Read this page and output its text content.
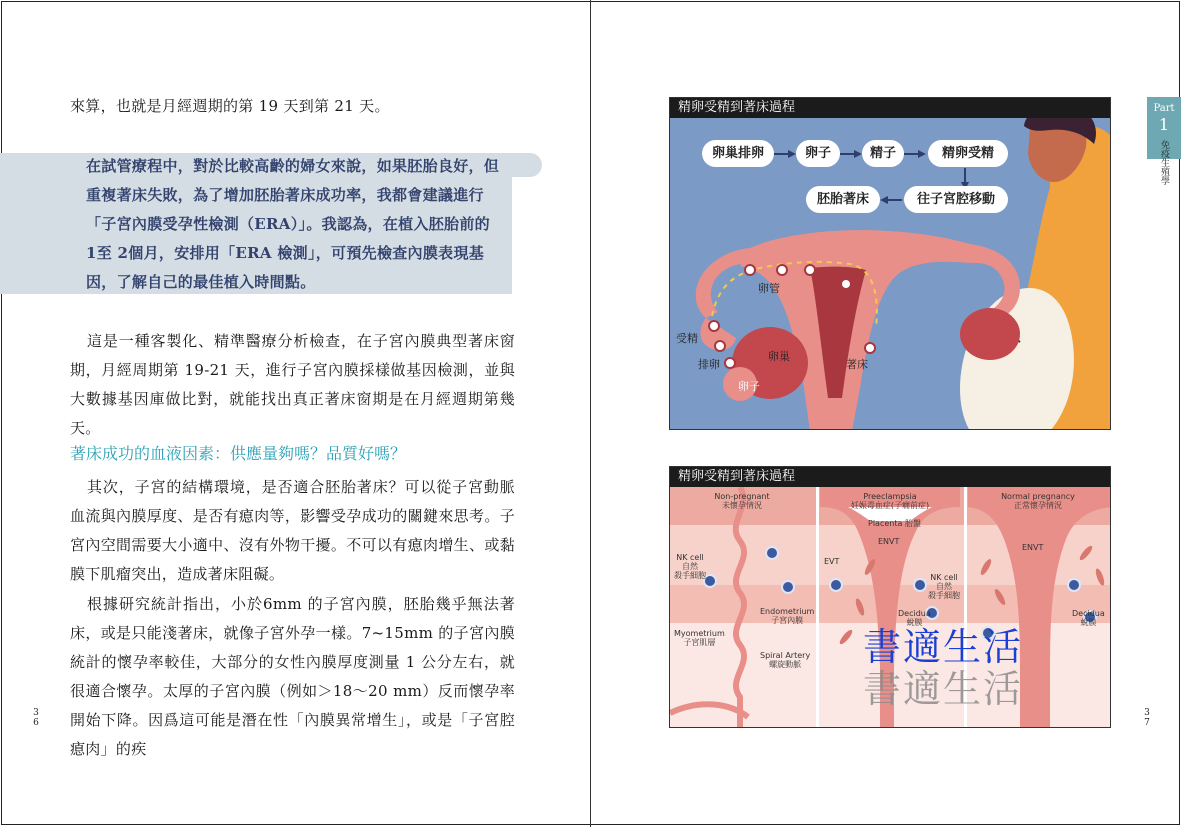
來算，也就是月經週期的第 19 天到第 21 天。
在試管療程中，對於比較高齡的婦女來說，如果胚胎良好，但重複著床失敗，為了增加胚胎著床成功率，我都會建議進行「子宮內膜受孕性檢測（ERA）」。我認為，在植入胚胎前的 1至 2個月，安排用「ERA 檢測」，可預先檢查內膜表現基因，了解自己的最佳植入時間點。
這是一種客製化、精準醫療分析檢查，在子宮內膜典型著床窗期，月經周期第 19-21 天，進行子宮內膜採樣做基因檢測，並與大數據基因庫做比對，就能找出真正著床窗期是在月經週期第幾天。
著床成功的血液因素：供應量夠嗎？品質好嗎？
其次，子宮的結構環境，是否適合胚胎著床？可以從子宮動脈血流與內膜厚度、是否有瘜肉等，影響受孕成功的關鍵來思考。子宮內空間需要大小適中、沒有外物干擾。不可以有瘜肉增生、或黏膜下肌瘤突出，造成著床阻礙。
根據研究統計指出，小於6mm 的子宮內膜，胚胎幾乎無法著床，或是只能淺著床，就像子宮外孕一樣。7~15mm 的子宮內膜統計的懷孕率較佳，大部分的女性內膜厚度測量 1 公分左右，就很適合懷孕。太厚的子宮內膜（例如＞18～20 mm）反而懷孕率開始下降。因爲這可能是潛在性「內膜異常增生」，或是「子宮腔瘜肉」的疾
3
6
Part
1
免疫生殖學
3
7
精卵受精到著床過程
卵巢排卵	卵子	精子	精卵受精
往子宮腔移動
胚胎著床
卵管
受精
排卵
卵巢
卵子
著床
精卵受精到著床過程
Non-pregnant
未懷孕情況
Preeclampsia
妊娠毒血症(子癇前症)
Normal pregnancy
正常懷孕情況
Placenta 胎盤
ENVT
ENVT
EVT
NK cell
自然
殺手細胞	NK cell
自然
殺手細胞
Endometrium
子宮內膜
Myometrium
子宮肌層
Spiral Artery
螺旋動脈
Decidua
蛻膜
Decidua
蛻膜
書適生活
書適生活
